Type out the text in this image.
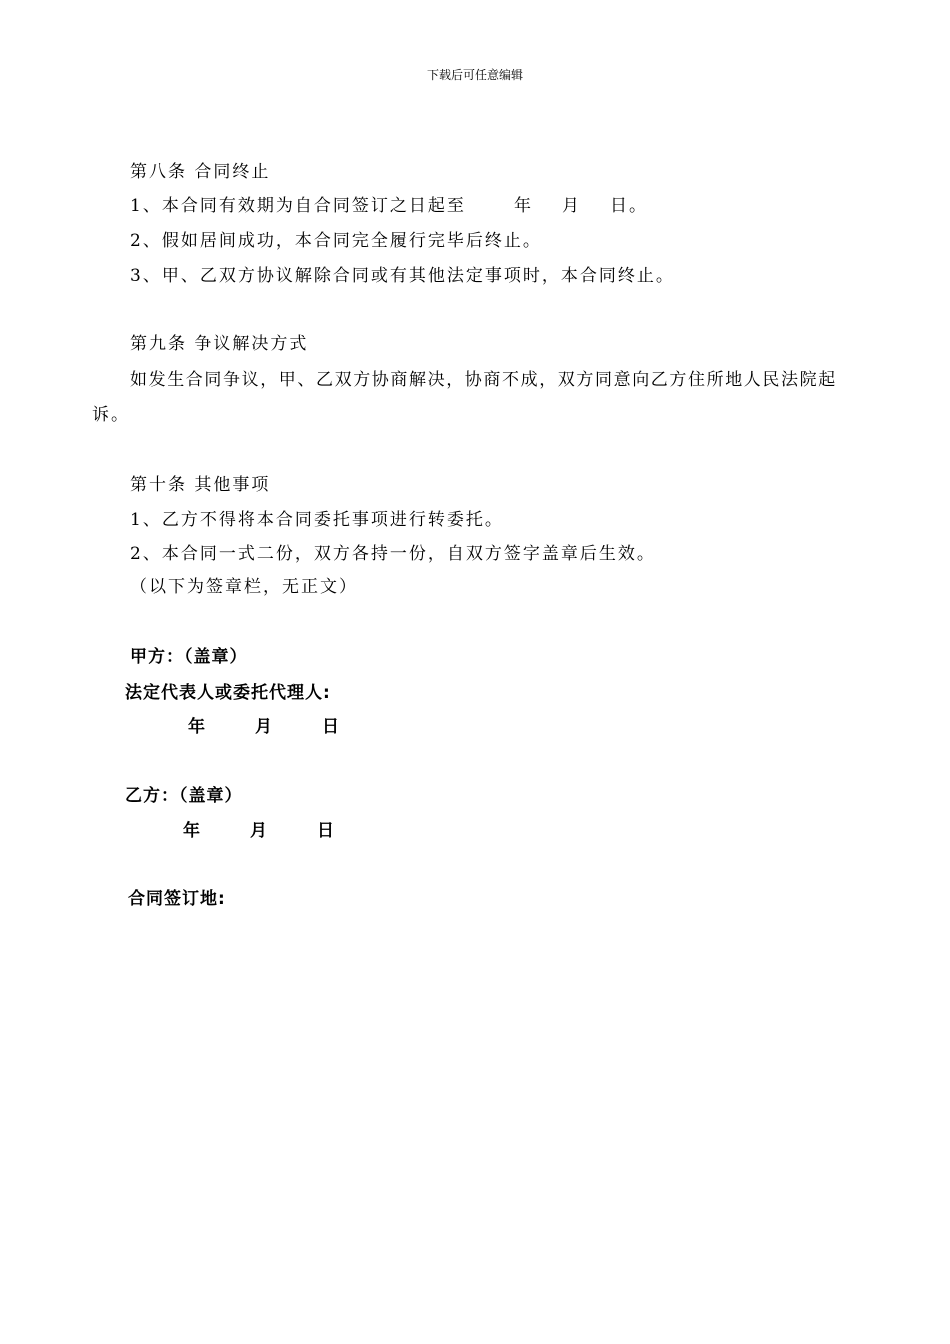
下载后可任意编辑
第八条 合同终止
1、本合同有效期为自合同签订之日起至	年 月 日。
2、假如居间成功，本合同完全履行完毕后终止。
3、甲、乙双方协议解除合同或有其他法定事项时，本合同终止。
第九条 争议解决方式
如发生合同争议，甲、乙双方协商解决，协商不成，双方同意向乙方住所地人民法院起
诉。
第十条 其他事项
1、乙方不得将本合同委托事项进行转委托。
2、本合同一式二份，双方各持一份，自双方签字盖章后生效。
（以下为签章栏，无正文）
甲方：（盖章）
法定代表人或委托代理人:
年	月	日
乙方：（盖章）
年	月	日
合同签订地:
